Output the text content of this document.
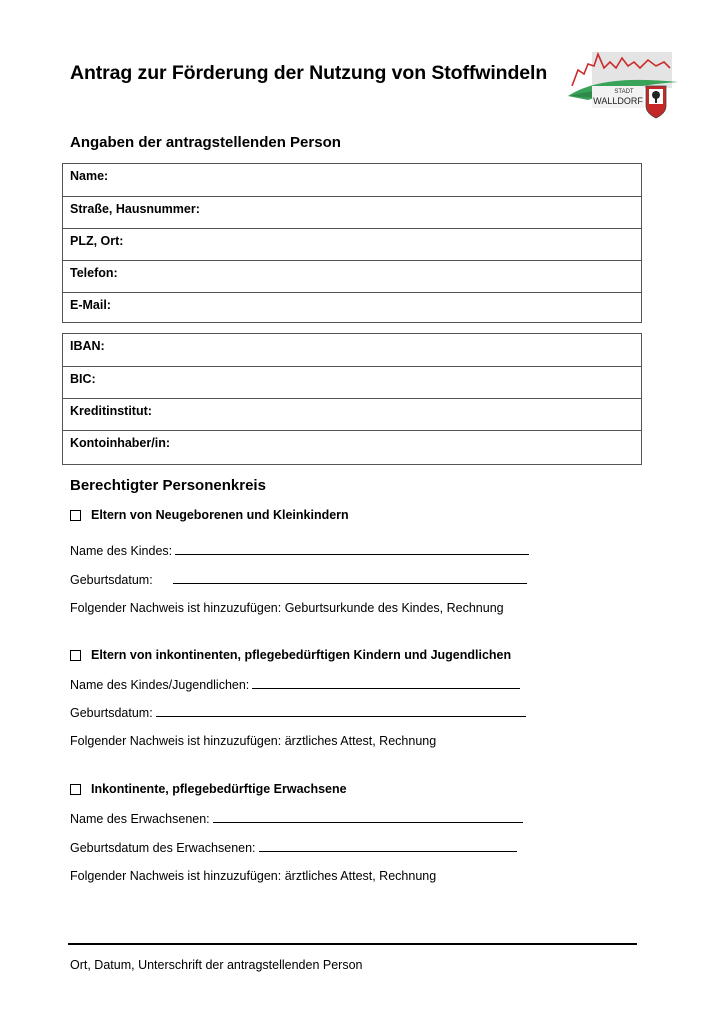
Antrag zur Förderung der Nutzung von Stoffwindeln
STADT
WALLDORF
Angaben der antragstellenden Person
Name:
Straße, Hausnummer:
PLZ, Ort:
Telefon:
E-Mail:
IBAN:
BIC:
Kreditinstitut:
Kontoinhaber/in:
Berechtigter Personenkreis
Eltern von Neugeborenen und Kleinkindern
Name des Kindes:
Geburtsdatum:
Folgender Nachweis ist hinzuzufügen: Geburtsurkunde des Kindes, Rechnung
Eltern von inkontinenten, pflegebedürftigen Kindern und Jugendlichen
Name des Kindes/Jugendlichen:
Geburtsdatum:
Folgender Nachweis ist hinzuzufügen: ärztliches Attest, Rechnung
Inkontinente, pflegebedürftige Erwachsene
Name des Erwachsenen:
Geburtsdatum des Erwachsenen:
Folgender Nachweis ist hinzuzufügen: ärztliches Attest, Rechnung
Ort, Datum, Unterschrift der antragstellenden Person
